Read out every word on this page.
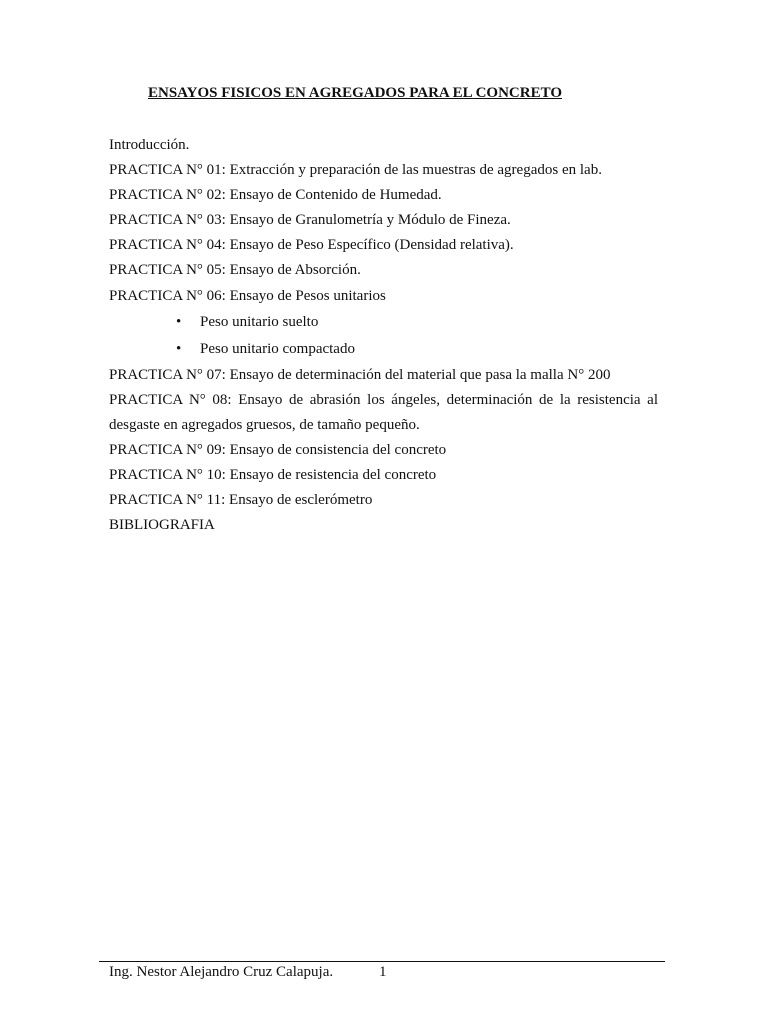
ENSAYOS FISICOS EN AGREGADOS PARA EL CONCRETO
Introducción.
PRACTICA N° 01: Extracción y preparación de las muestras de agregados en lab.
PRACTICA N° 02: Ensayo de Contenido de Humedad.
PRACTICA N° 03: Ensayo de Granulometría y Módulo de Fineza.
PRACTICA N° 04: Ensayo de Peso Específico (Densidad relativa).
PRACTICA N° 05: Ensayo de Absorción.
PRACTICA N° 06: Ensayo de Pesos unitarios
• Peso unitario suelto
• Peso unitario compactado
PRACTICA N° 07: Ensayo de determinación del material que pasa la malla N° 200
PRACTICA N° 08: Ensayo de abrasión los ángeles, determinación de la resistencia al
desgaste en agregados gruesos, de tamaño pequeño.
PRACTICA N° 09: Ensayo de consistencia del concreto
PRACTICA N° 10: Ensayo de resistencia del concreto
PRACTICA N° 11: Ensayo de esclerómetro
BIBLIOGRAFIA
Ing. Nestor Alejandro Cruz Calapuja.	1
